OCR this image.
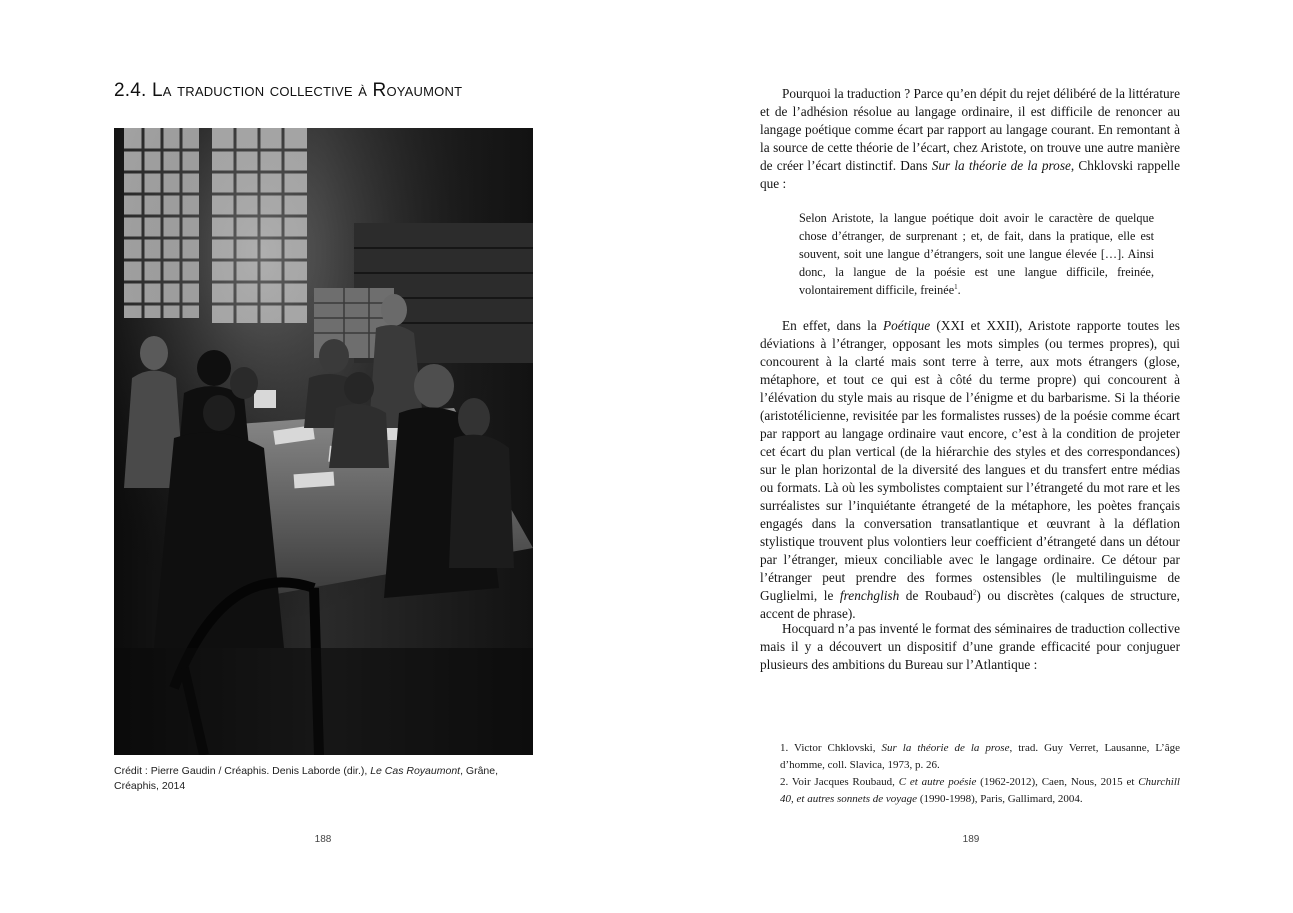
2.4. La traduction collective à Royaumont
Crédit : Pierre Gaudin / Créaphis. Denis Laborde (dir.), Le Cas Royaumont, Grâne, Créaphis, 2014
188

Pourquoi la traduction ? Parce qu’en dépit du rejet délibéré de la littérature et de l’adhésion résolue au langage ordinaire, il est difficile de renoncer au langage poétique comme écart par rapport au langage courant. En remontant à la source de cette théorie de l’écart, chez Aristote, on trouve une autre manière de créer l’écart distinctif. Dans Sur la théorie de la prose, Chklovski rappelle que :

Selon Aristote, la langue poétique doit avoir le caractère de quelque chose d’étranger, de surprenant ; et, de fait, dans la pratique, elle est souvent, soit une langue d’étrangers, soit une langue élevée […]. Ainsi donc, la langue de la poésie est une langue difficile, freinée, volontairement difficile, freinée$^1$.

En effet, dans la Poétique (XXI et XXII), Aristote rapporte toutes les déviations à l’étranger, opposant les mots simples (ou termes propres), qui concourent à la clarté mais sont terre à terre, aux mots étrangers (glose, métaphore, et tout ce qui est à côté du terme propre) qui concourent à l’élévation du style mais au risque de l’énigme et du barbarisme. Si la théorie (aristotélicienne, revisitée par les formalistes russes) de la poésie comme écart par rapport au langage ordinaire vaut encore, c’est à la condition de projeter cet écart du plan vertical (de la hiérarchie des styles et des correspondances) sur le plan horizontal de la diversité des langues et du transfert entre médias ou formats. Là où les symbolistes comptaient sur l’étrangeté du mot rare et les surréalistes sur l’inquiétante étrangeté de la métaphore, les poètes français engagés dans la conversation transatlantique et œuvrant à la déflation stylistique trouvent plus volontiers leur coefficient d’étrangeté dans un détour par l’étranger, mieux conciliable avec le langage ordinaire. Ce détour par l’étranger peut prendre des formes ostensibles (le multilinguisme de Guglielmi, le frenchglish de Roubaud$^2$) ou discrètes (calques de structure, accent de phrase).

Hocquard n’a pas inventé le format des séminaires de traduction collective mais il y a découvert un dispositif d’une grande efficacité pour conjuguer plusieurs des ambitions du Bureau sur l’Atlantique :

1. Victor Chklovski, Sur la théorie de la prose, trad. Guy Verret, Lausanne, L’âge d’homme, coll. Slavica, 1973, p. 26.

2. Voir Jacques Roubaud, C et autre poésie (1962-2012), Caen, Nous, 2015 et Churchill 40, et autres sonnets de voyage (1990-1998), Paris, Gallimard, 2004.

189
